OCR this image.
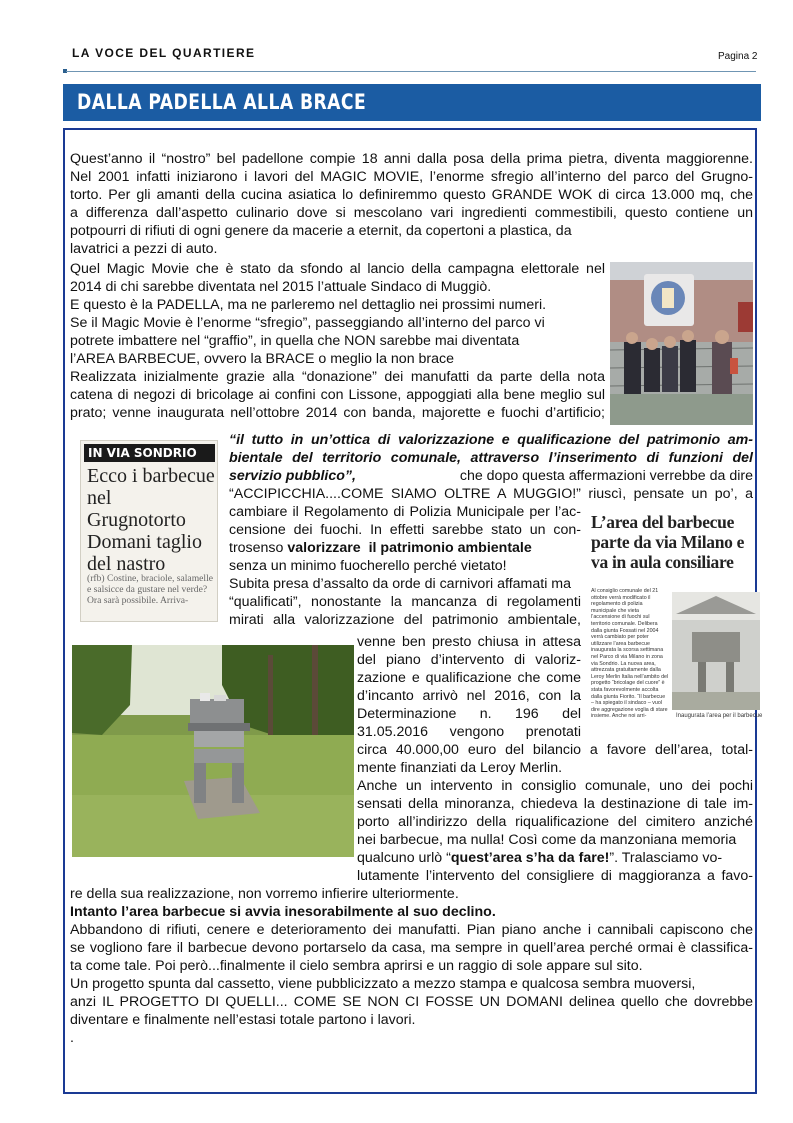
LA VOCE DEL QUARTIERE	Pagina 2
DALLA PADELLA ALLA BRACE
Quest’anno il “nostro” bel padellone compie 18 anni dalla posa della prima pietra, diventa maggiorenne.
Nel 2001 infatti iniziarono i lavori del MAGIC MOVIE, l’enorme sfregio all’interno del parco del Grugno-
torto. Per gli amanti della cucina asiatica lo definiremmo questo GRANDE WOK di circa 13.000 mq, che
a differenza dall’aspetto culinario dove si mescolano vari ingredienti commestibili, questo contiene un
potpourri di rifiuti di ogni genere da macerie a eternit, da copertoni a plastica, da
lavatrici a pezzi di auto.
Quel Magic Movie che è stato da sfondo al lancio della campagna elettorale nel
2014 di chi sarebbe diventata nel 2015 l’attuale Sindaco di Muggiò.
E questo è la PADELLA, ma ne parleremo nel dettaglio nei prossimi numeri.
Se il Magic Movie è l’enorme “sfregio”, passeggiando all’interno del parco vi
potrete imbattere nel “graffio”, in quella che NON sarebbe mai diventata
l’AREA BARBECUE, ovvero la BRACE o meglio la non brace
Realizzata inizialmente grazie alla “donazione” dei manufatti da parte della nota
catena di negozi di bricolage ai confini con Lissone, appoggiati alla bene meglio sul
prato; venne inaugurata nell’ottobre 2014 con banda, majorette e fuochi d’artificio;
IN VIA SONDRIO
Ecco i barbecue nel Grugnotorto Domani taglio del nastro
(rfb) Costine, braciole, salamelle e salsicce da gustare nel verde? Ora sarà possibile. Arriva-
“il tutto in un’ottica di valorizzazione e qualificazione del patrimonio am-
bientale del territorio comunale, attraverso l’inserimento di funzioni del
servizio pubblico”,	che dopo questa affermazioni verrebbe da dire
“ACCIPICCHIA....COME SIAMO OLTRE A MUGGIO!” riuscì, pensate un po’, a
cambiare il Regolamento di Polizia Municipale per l’ac-
censione dei fuochi. In effetti sarebbe stato un con-
trosenso valorizzare  il patrimonio ambientale
senza un minimo fuocherello perché vietato!
Subita presa d’assalto da orde di carnivori affamati ma
“qualificati”, nonostante la mancanza di regolamenti
mirati alla valorizzazione del patrimonio ambientale,
L’area del barbecue parte da via Milano e va in aula consiliare
Al consiglio comunale del 21 ottobre verrà modificato il regolamento di polizia municipale che vieta l’accensione di fuochi sul territorio comunale. Delibera dalla giunta Fossati nel 2004 verrà cambiato per poter utilizzare l’area barbecue inaugurata la scorsa settimana nel Parco di via Milano in zona via Sondrio. La nuova area, attrezzata gratuitamente dalla Leroy Merlin Italia nell’ambito del progetto “bricolage del cuore” è stata favorevolmente accolta dalla giunta Fiorito. “Il barbecue – ha spiegato il sindaco – vuol dire aggregazione voglia di stare insieme. Anche noi arri-	Inaugurata l’area per il barbecue
venne ben presto chiusa in attesa
del piano d’intervento di valoriz-
zazione e qualificazione che come
d’incanto arrivò nel 2016, con la
Determinazione n. 196 del
31.05.2016 vengono prenotati
circa 40.000,00 euro del bilancio a favore dell’area, total-
mente finanziati da Leroy Merlin.
Anche un intervento in consiglio comunale, uno dei pochi
sensati della minoranza, chiedeva la destinazione di tale im-
porto all’indirizzo della riqualificazione del cimitero anziché
nei barbecue, ma nulla! Così come da manzoniana memoria
qualcuno urlò “quest’area s’ha da fare!”. Tralasciamo vo-
lutamente l’intervento del consigliere di maggioranza a favo-
re della sua realizzazione, non vorremo infierire ulteriormente.
Intanto l’area barbecue si avvia inesorabilmente al suo declino.
Abbandono di rifiuti, cenere e deterioramento dei manufatti. Pian piano anche i cannibali capiscono che
se vogliono fare il barbecue devono portarselo da casa, ma sempre in quell’area perché ormai è classifica-
ta come tale. Poi però...finalmente il cielo sembra aprirsi e un raggio di sole appare sul sito.
Un progetto spunta dal cassetto, viene pubblicizzato a mezzo stampa e qualcosa sembra muoversi,
anzi IL PROGETTO DI QUELLI... COME SE NON CI FOSSE UN DOMANI delinea quello che dovrebbe
diventare e finalmente nell’estasi totale partono i lavori.
.
